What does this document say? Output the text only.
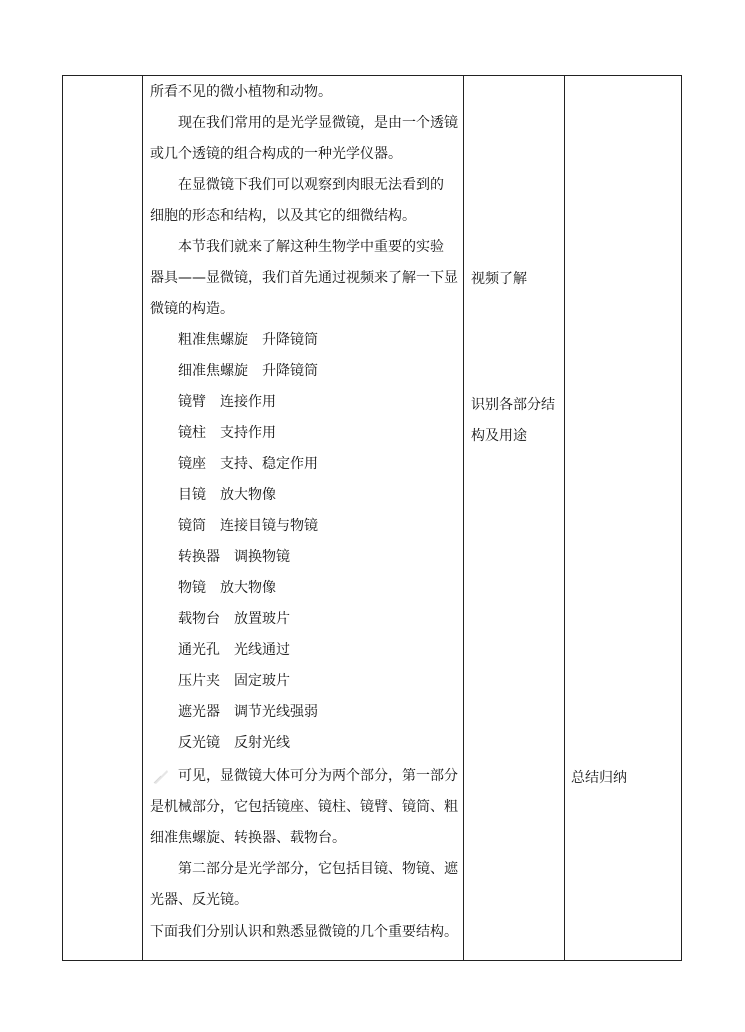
所看不见的微小植物和动物。
现在我们常用的是光学显微镜，是由一个透镜
或几个透镜的组合构成的一种光学仪器。
在显微镜下我们可以观察到肉眼无法看到的
细胞的形态和结构，以及其它的细微结构。
本节我们就来了解这种生物学中重要的实验
器具——显微镜，我们首先通过视频来了解一下显
微镜的构造。
粗准焦螺旋 升降镜筒
细准焦螺旋 升降镜筒
镜臂 连接作用
镜柱 支持作用
镜座 支持、稳定作用
目镜 放大物像
镜筒 连接目镜与物镜
转换器 调换物镜
物镜 放大物像
载物台 放置玻片
通光孔 光线通过
压片夹 固定玻片
遮光器 调节光线强弱
反光镜 反射光线
可见，显微镜大体可分为两个部分，第一部分
是机械部分，它包括镜座、镜柱、镜臂、镜筒、粗
细准焦螺旋、转换器、载物台。
第二部分是光学部分，它包括目镜、物镜、遮
光器、反光镜。
下面我们分别认识和熟悉显微镜的几个重要结构。
视频了解
识别各部分结
构及用途
总结归纳
